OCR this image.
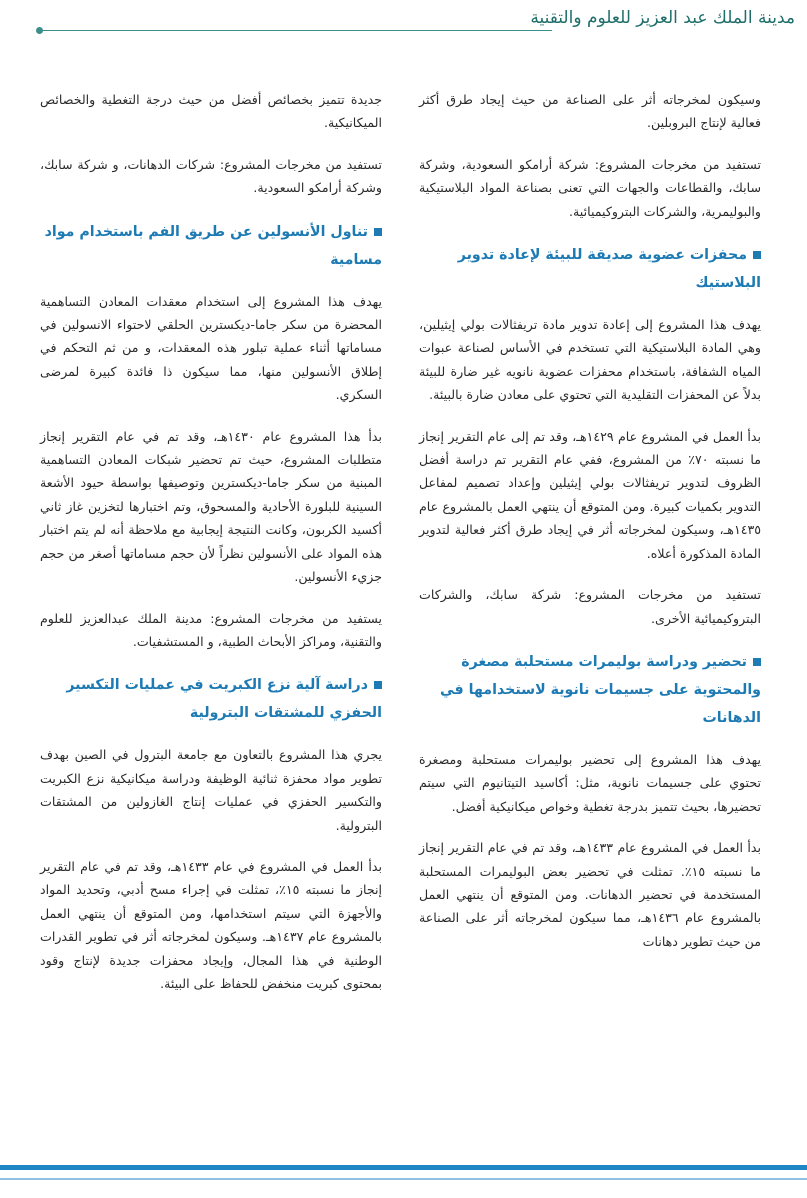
مدينة الملك عبد العزيز للعلوم والتقنية

وسيكون لمخرجاته أثر على الصناعة من حيث إيجاد طرق أكثر فعالية لإنتاج البروبلين.

تستفيد من مخرجات المشروع: شركة أرامكو السعودية، وشركة سابك، والقطاعات والجهات التي تعنى بصناعة المواد البلاستيكية والبوليمرية، والشركات البتروكيميائية.

محفزات عضوية صديقة للبيئة لإعادة تدوير البلاستيك

يهدف هذا المشروع إلى إعادة تدوير مادة تريفثالات بولي إيثيلين، وهي المادة البلاستيكية التي تستخدم في الأساس لصناعة عبوات المياه الشفافة، باستخدام محفزات عضوية نانويه غير ضارة للبيئة بدلاً عن المحفزات التقليدية التي تحتوي على معادن ضارة بالبيئة.

بدأ العمل في المشروع عام ١٤٢٩هـ، وقد تم إلى عام التقرير إنجاز ما نسبته ٧٠٪ من المشروع، ففي عام التقرير تم دراسة أفضل الظروف لتدوير تريفثالات بولي إيثيلين وإعداد تصميم لمفاعل التدوير بكميات كبيرة. ومن المتوقع أن ينتهي العمل بالمشروع عام ١٤٣٥هـ، وسيكون لمخرجاته أثر في إيجاد طرق أكثر فعالية لتدوير المادة المذكورة أعلاه.

تستفيد من مخرجات المشروع: شركة سابك، والشركات البتروكيميائية الأخرى.

تحضير ودراسة بوليمرات مستحلبة مصغرة والمحتوية على جسيمات نانوية لاستخدامها في الدهانات

يهدف هذا المشروع إلى تحضير بوليمرات مستحلبة ومصغرة تحتوي على جسيمات نانوية، مثل: أكاسيد التيتانيوم التي سيتم تحضيرها، بحيث تتميز بدرجة تغطية وخواص ميكانيكية أفضل.

بدأ العمل في المشروع عام ١٤٣٣هـ، وقد تم في عام التقرير إنجاز ما نسبته ١٥٪. تمثلت في تحضير بعض البوليمرات المستحلبة المستخدمة في تحضير الدهانات. ومن المتوقع أن ينتهي العمل بالمشروع عام ١٤٣٦هـ، مما سيكون لمخرجاته أثر على الصناعة من حيث تطوير دهانات

جديدة تتميز بخصائص أفضل من حيث درجة التغطية والخصائص الميكانيكية.

تستفيد من مخرجات المشروع: شركات الدهانات، و شركة سابك، وشركة أرامكو السعودية.

تناول الأنسولين عن طريق الفم باستخدام مواد مسامية

يهدف هذا المشروع إلى استخدام معقدات المعادن التساهمية المحضرة من سكر جاما-ديكسترين الحلقي لاحتواء الانسولين في مساماتها أثناء عملية تبلور هذه المعقدات، و من ثم التحكم في إطلاق الأنسولين منها، مما سيكون ذا فائدة كبيرة لمرضى السكري.

بدأ هذا المشروع عام ١٤٣٠هـ، وقد تم في عام التقرير إنجاز متطلبات المشروع، حيث تم تحضير شبكات المعادن التساهمية المبنية من سكر جاما-ديكسترين وتوصيفها بواسطة حيود الأشعة السينية للبلورة الأحادية والمسحوق، وتم اختبارها لتخزين غاز ثاني أكسيد الكربون، وكانت النتيجة إيجابية مع ملاحظة أنه لم يتم اختبار هذه المواد على الأنسولين نظراً لأن حجم مساماتها أصغر من حجم جزيء الأنسولين.

يستفيد من مخرجات المشروع: مدينة الملك عبدالعزيز للعلوم والتقنية، ومراكز الأبحاث الطبية، و المستشفيات.

دراسة آلية نزع الكبريت في عمليات التكسير الحفزي للمشتقات البترولية

يجري هذا المشروع بالتعاون مع جامعة البترول في الصين بهدف تطوير مواد محفزة ثنائية الوظيفة ودراسة ميكانيكية نزع الكبريت والتكسير الحفزي في عمليات إنتاج الغازولين من المشتقات البترولية.

بدأ العمل في المشروع في عام ١٤٣٣هـ، وقد تم في عام التقرير إنجاز ما نسبته ١٥٪، تمثلت في إجراء مسح أدبي، وتحديد المواد والأجهزة التي سيتم استخدامها، ومن المتوقع أن ينتهي العمل بالمشروع عام ١٤٣٧هـ. وسيكون لمخرجاته أثر في تطوير القدرات الوطنية في هذا المجال، وإيجاد محفزات جديدة لإنتاج وقود بمحتوى كبريت منخفض للحفاظ على البيئة.
